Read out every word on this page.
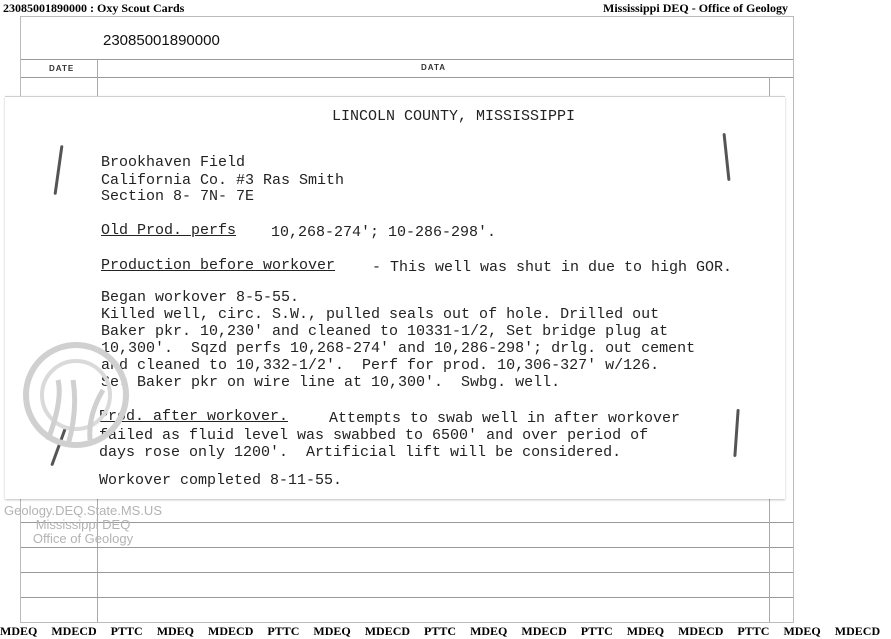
23085001890000 : Oxy Scout Cards	Mississippi DEQ - Office of Geology
23085001890000
DATE	DATA
LINCOLN COUNTY, MISSISSIPPI
Brookhaven Field
California Co. #3 Ras Smith
Section 8- 7N- 7E
Old Prod. perfs 10,268-274'; 10-286-298'.
Production before workover - This well was shut in due to high GOR.
Began workover 8-5-55.
Killed well, circ. S.W., pulled seals out of hole. Drilled out
Baker pkr. 10,230' and cleaned to 10331-1/2, Set bridge plug at
10,300'.  Sqzd perfs 10,268-274' and 10,286-298'; drlg. out cement
and cleaned to 10,332-1/2'.  Perf for prod. 10,306-327' w/126.
Set Baker pkr on wire line at 10,300'.  Swbg. well.
Prod. after workover.	Attempts to swab well in after workover
failed as fluid level was swabbed to 6500' and over period of
days rose only 1200'.  Artificial lift will be considered.
Workover completed 8-11-55.
Geology.DEQ.State.MS.US
Mississippi DEQ
Office of Geology
MDEQ MDECD PTTC MDEQ MDECD PTTC MDEQ MDECD PTTC MDEQ MDECD PTTC MDEQ MDECD PTTC MDEQ MDECD
